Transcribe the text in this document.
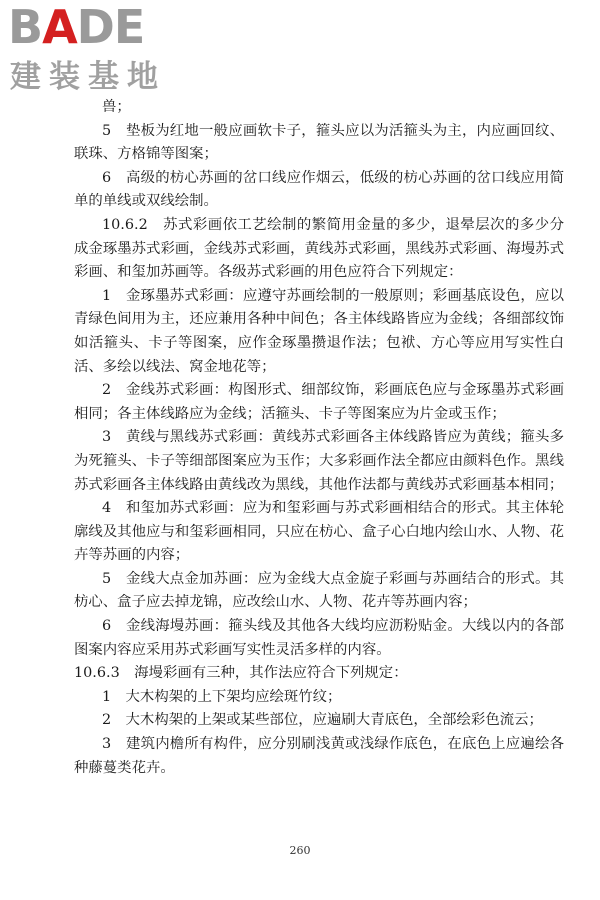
BADE
建装基地

兽；

5　垫板为红地一般应画软卡子，箍头应以为活箍头为主，内应画回纹、联珠、方格锦等图案；

6　高级的枋心苏画的岔口线应作烟云，低级的枋心苏画的岔口线应用简单的单线或双线绘制。

10.6.2　苏式彩画依工艺绘制的繁简用金量的多少，退晕层次的多少分成金琢墨苏式彩画，金线苏式彩画，黄线苏式彩画，黑线苏式彩画、海墁苏式彩画、和玺加苏画等。各级苏式彩画的用色应符合下列规定：

1　金琢墨苏式彩画：应遵守苏画绘制的一般原则；彩画基底设色，应以青绿色间用为主，还应兼用各种中间色；各主体线路皆应为金线；各细部纹饰如活箍头、卡子等图案，应作金琢墨攒退作法；包袱、方心等应用写实性白活、多绘以线法、窝金地花等；

2　金线苏式彩画：构图形式、细部纹饰，彩画底色应与金琢墨苏式彩画相同；各主体线路应为金线；活箍头、卡子等图案应为片金或玉作；

3　黄线与黑线苏式彩画：黄线苏式彩画各主体线路皆应为黄线；箍头多为死箍头、卡子等细部图案应为玉作；大多彩画作法全都应由颜料色作。黑线苏式彩画各主体线路由黄线改为黑线，其他作法都与黄线苏式彩画基本相同；

4　和玺加苏式彩画：应为和玺彩画与苏式彩画相结合的形式。其主体轮廓线及其他应与和玺彩画相同，只应在枋心、盒子心白地内绘山水、人物、花卉等苏画的内容；

5　金线大点金加苏画：应为金线大点金旋子彩画与苏画结合的形式。其枋心、盒子应去掉龙锦，应改绘山水、人物、花卉等苏画内容；

6　金线海墁苏画：箍头线及其他各大线均应沥粉贴金。大线以内的各部图案内容应采用苏式彩画写实性灵活多样的内容。

10.6.3　海墁彩画有三种，其作法应符合下列规定：

1　大木构架的上下架均应绘斑竹纹；

2　大木构架的上架或某些部位，应遍刷大青底色，全部绘彩色流云；

3　建筑内檐所有构件，应分别刷浅黄或浅绿作底色，在底色上应遍绘各种藤蔓类花卉。

260
